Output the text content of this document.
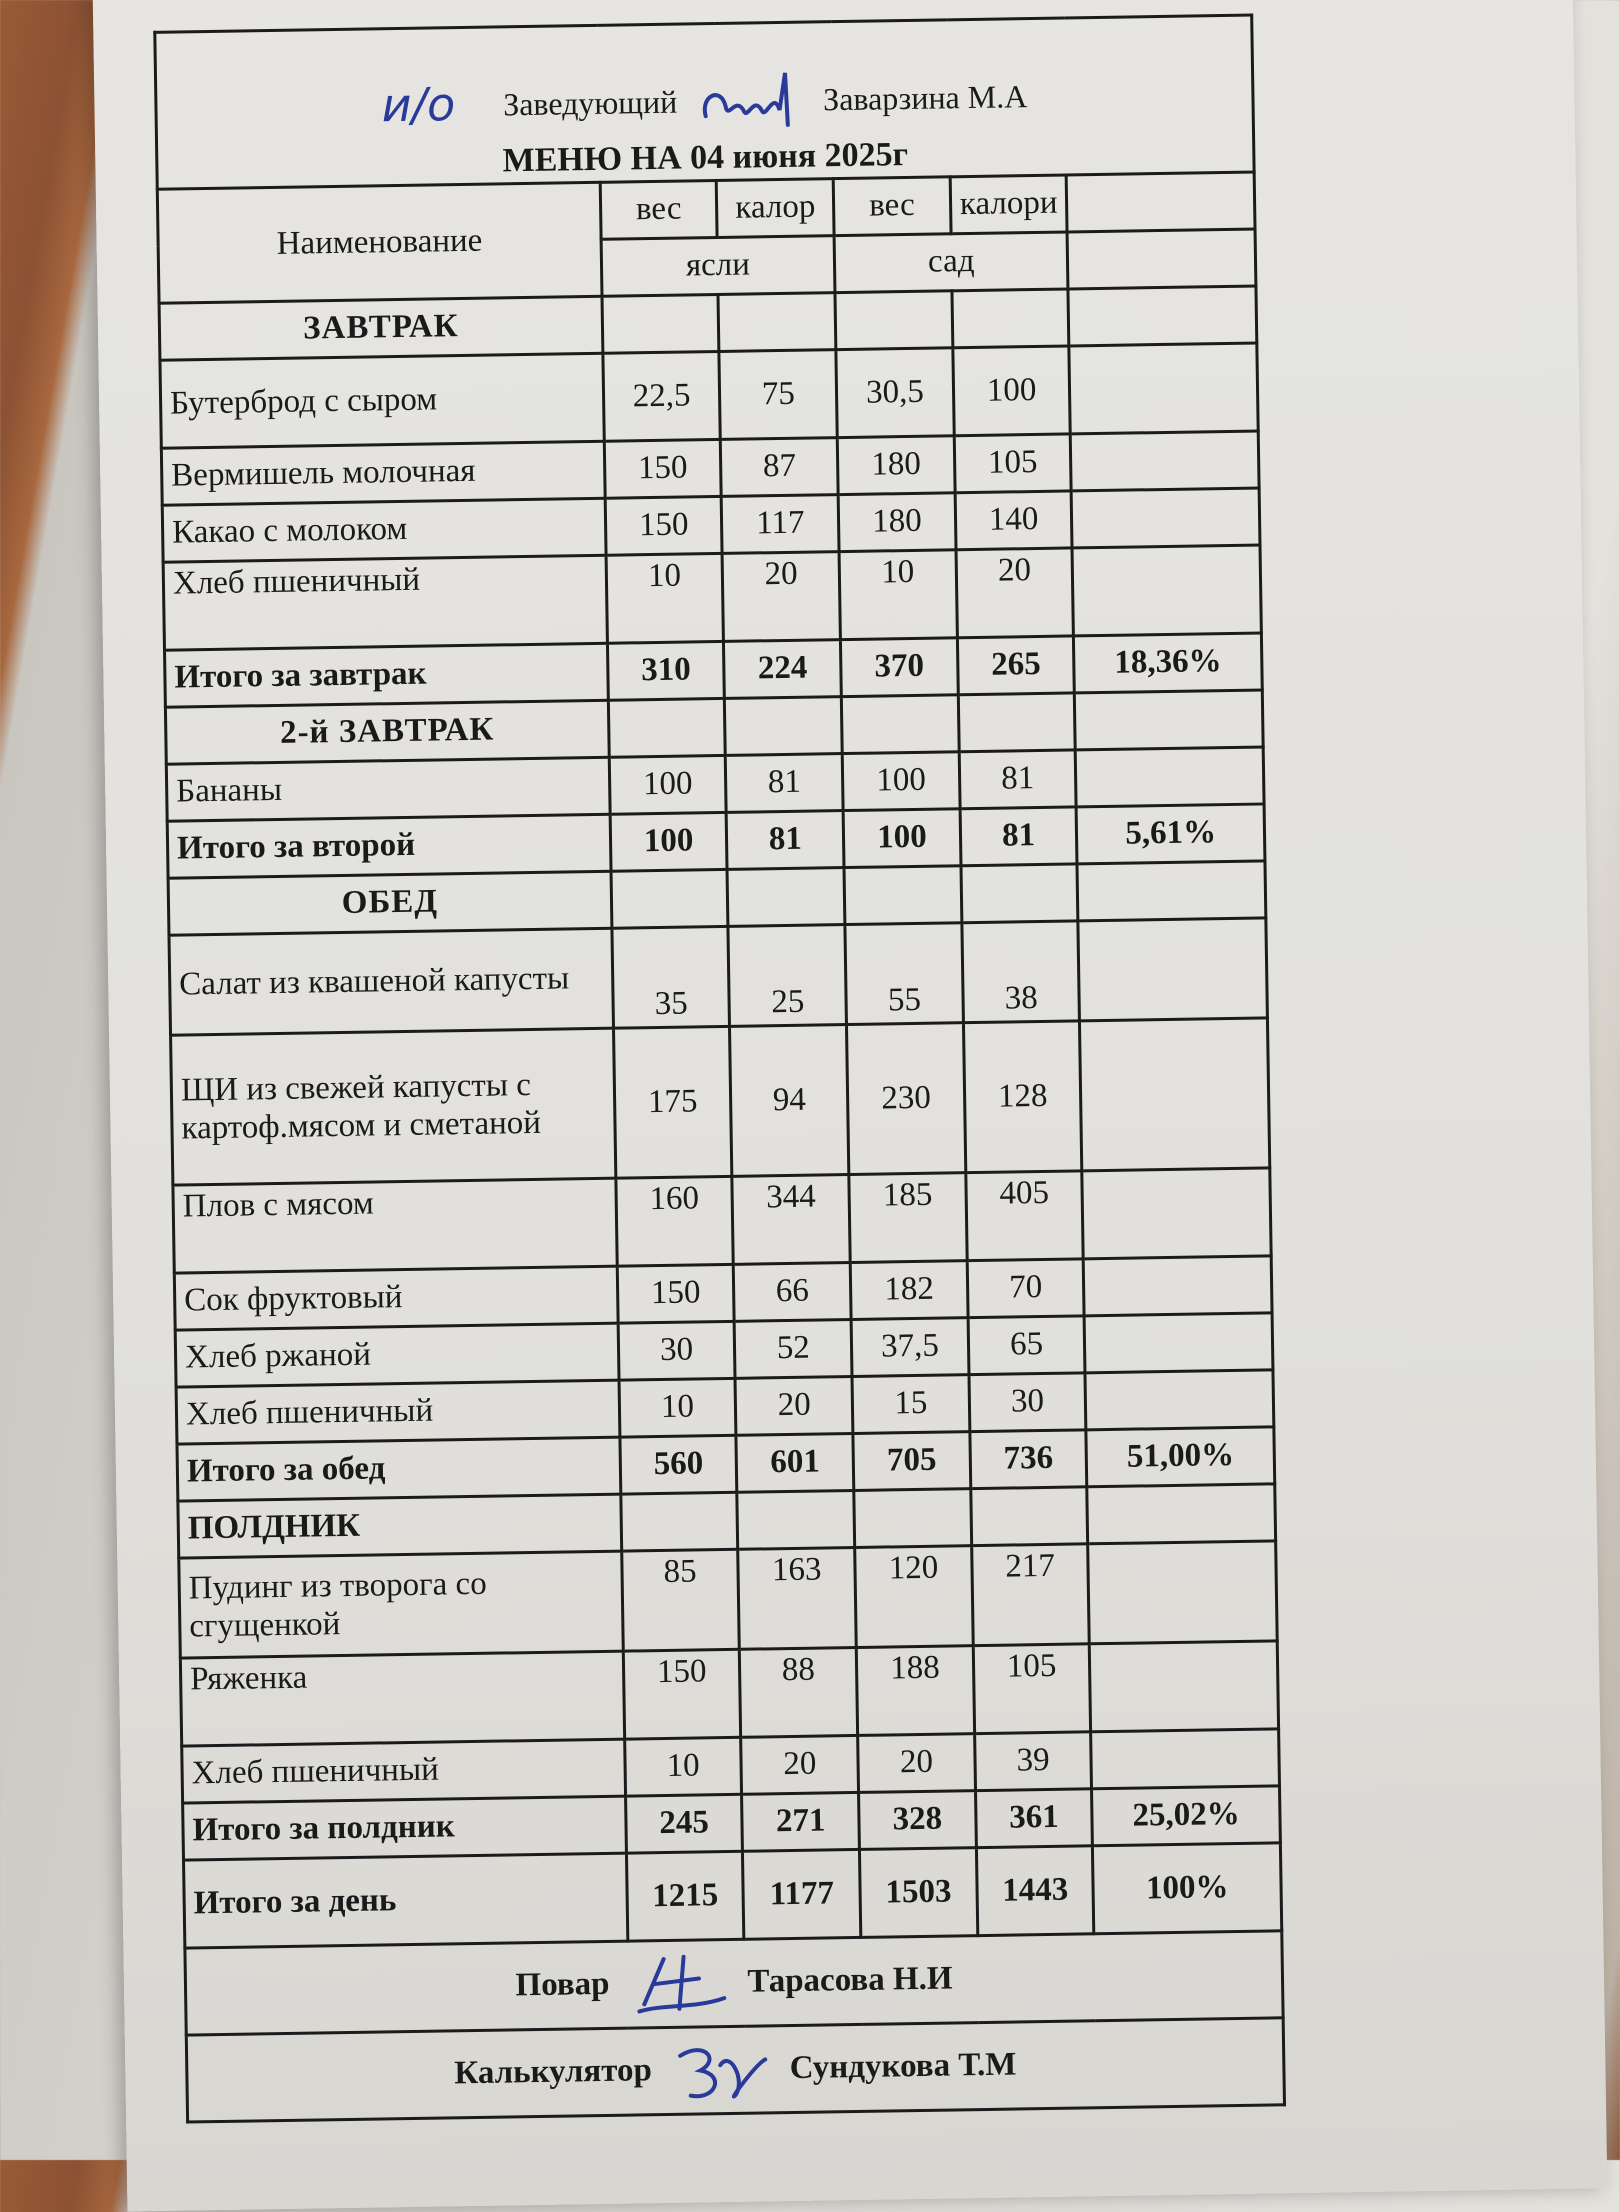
и/о Заведующий Заварзина М.А
МЕНЮ НА 04 июня 2025г					

Наименование	вес	калор	вес	калори	
	ясли		сад		
ЗАВТРАК					
Бутерброд с сыром	22,5	75	30,5	100	
Вермишель молочная	150	87	180	105	
Какао с молоком	150	117	180	140	
Хлеб пшеничный	10	20	10	20	
Итого за завтрак	310	224	370	265	18,36%
2-й ЗАВТРАК					
Бананы	100	81	100	81	
Итого за второй	100	81	100	81	5,61%
ОБЕД					
Салат из квашеной капусты	35	25	55	38	
ЩИ из свежей капусты с картоф.мясом и сметаной	175	94	230	128	
Плов с мясом	160	344	185	405	
Сок фруктовый	150	66	182	70	
Хлеб ржаной	30	52	37,5	65	
Хлеб пшеничный	10	20	15	30	
Итого за обед	560	601	705	736	51,00%
ПОЛДНИК					
Пудинг из творога со сгущенкой	85	163	120	217	
Ряженка	150	88	188	105	
Хлеб пшеничный	10	20	20	39	
Итого за полдник	245	271	328	361	25,02%
Итого за день	1215	1177	1503	1443	100%

Повар Тарасова Н.И					

Калькулятор Сундукова Т.М					
